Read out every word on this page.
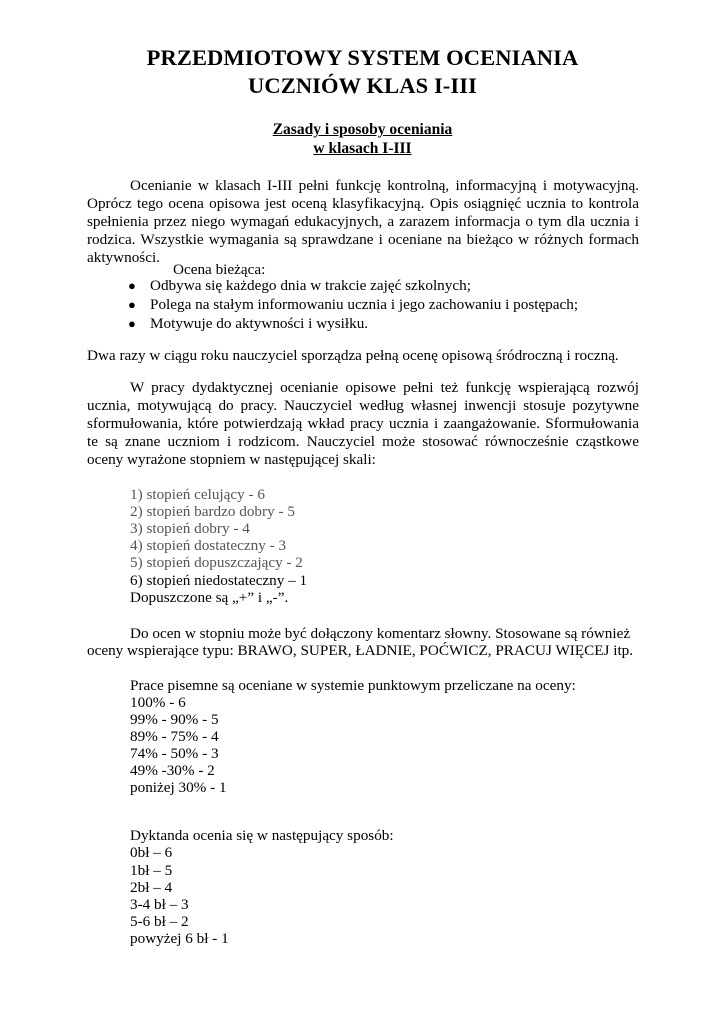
PRZEDMIOTOWY SYSTEM OCENIANIA
UCZNIÓW KLAS I-III
Zasady i sposoby oceniania
w klasach I-III
Ocenianie w klasach I-III pełni funkcję kontrolną, informacyjną i motywacyjną. Oprócz tego ocena opisowa jest oceną klasyfikacyjną. Opis osiągnięć ucznia to kontrola spełnienia przez niego wymagań edukacyjnych, a zarazem informacja o tym dla ucznia i rodzica. Wszystkie wymagania są sprawdzane i oceniane na bieżąco w różnych formach aktywności.
Ocena bieżąca:
● Odbywa się każdego dnia w trakcie zajęć szkolnych;
● Polega na stałym informowaniu ucznia i jego zachowaniu i postępach;
● Motywuje do aktywności i wysiłku.
Dwa razy w ciągu roku nauczyciel sporządza pełną ocenę opisową śródroczną i roczną.
W pracy dydaktycznej ocenianie opisowe pełni też funkcję wspierającą rozwój ucznia, motywującą do pracy. Nauczyciel według własnej inwencji stosuje pozytywne sformułowania, które potwierdzają wkład pracy ucznia i zaangażowanie. Sformułowania te są znane uczniom i rodzicom. Nauczyciel może stosować równocześnie cząstkowe oceny wyrażone stopniem w następującej skali:
1) stopień celujący - 6
2) stopień bardzo dobry - 5
3) stopień dobry - 4
4) stopień dostateczny - 3
5) stopień dopuszczający - 2
6) stopień niedostateczny – 1
Dopuszczone są „+” i „-”.
Do ocen w stopniu może być dołączony komentarz słowny. Stosowane są również
oceny wspierające typu: BRAWO, SUPER, ŁADNIE, POĆWICZ, PRACUJ WIĘCEJ itp.
Prace pisemne są oceniane w systemie punktowym przeliczane na oceny:
100% - 6
99% - 90% - 5
89% - 75% - 4
74% - 50% - 3
49% -30% - 2
poniżej 30% - 1
Dyktanda ocenia się w następujący sposób:
0bł – 6
1bł – 5
2bł – 4
3-4 bł – 3
5-6 bł – 2
powyżej 6 bł - 1
